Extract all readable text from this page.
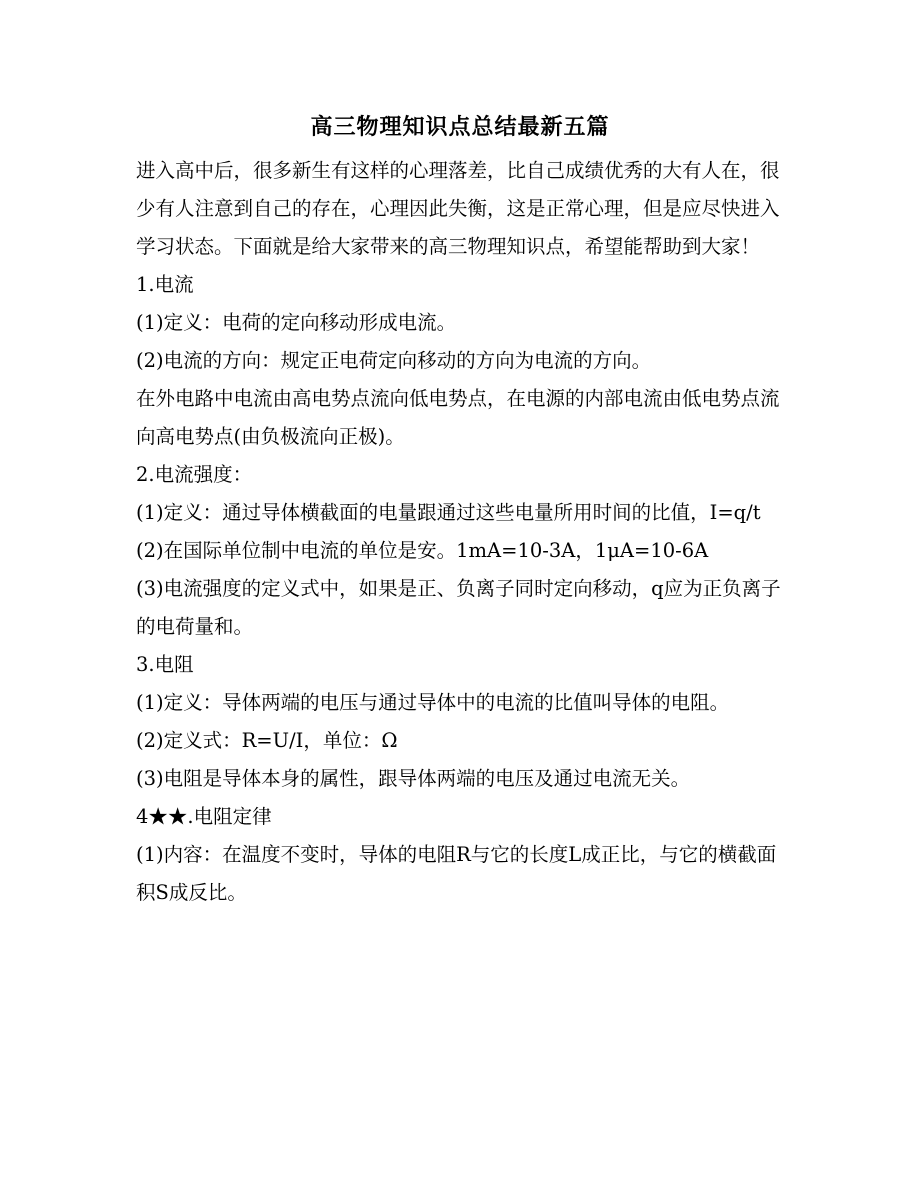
高三物理知识点总结最新五篇

进入高中后，很多新生有这样的心理落差，比自己成绩优秀的大有人在，很少有人注意到自己的存在，心理因此失衡，这是正常心理，但是应尽快进入学习状态。下面就是给大家带来的高三物理知识点，希望能帮助到大家！

1.电流

(1)定义：电荷的定向移动形成电流。

(2)电流的方向：规定正电荷定向移动的方向为电流的方向。

在外电路中电流由高电势点流向低电势点，在电源的内部电流由低电势点流向高电势点(由负极流向正极)。

2.电流强度：

(1)定义：通过导体横截面的电量跟通过这些电量所用时间的比值，I=q/t

(2)在国际单位制中电流的单位是安。1mA=10-3A，1μA=10-6A

(3)电流强度的定义式中，如果是正、负离子同时定向移动，q应为正负离子的电荷量和。

3.电阻

(1)定义：导体两端的电压与通过导体中的电流的比值叫导体的电阻。

(2)定义式：R=U/I，单位：Ω

(3)电阻是导体本身的属性，跟导体两端的电压及通过电流无关。

4★★.电阻定律

(1)内容：在温度不变时，导体的电阻R与它的长度L成正比，与它的横截面积S成反比。
